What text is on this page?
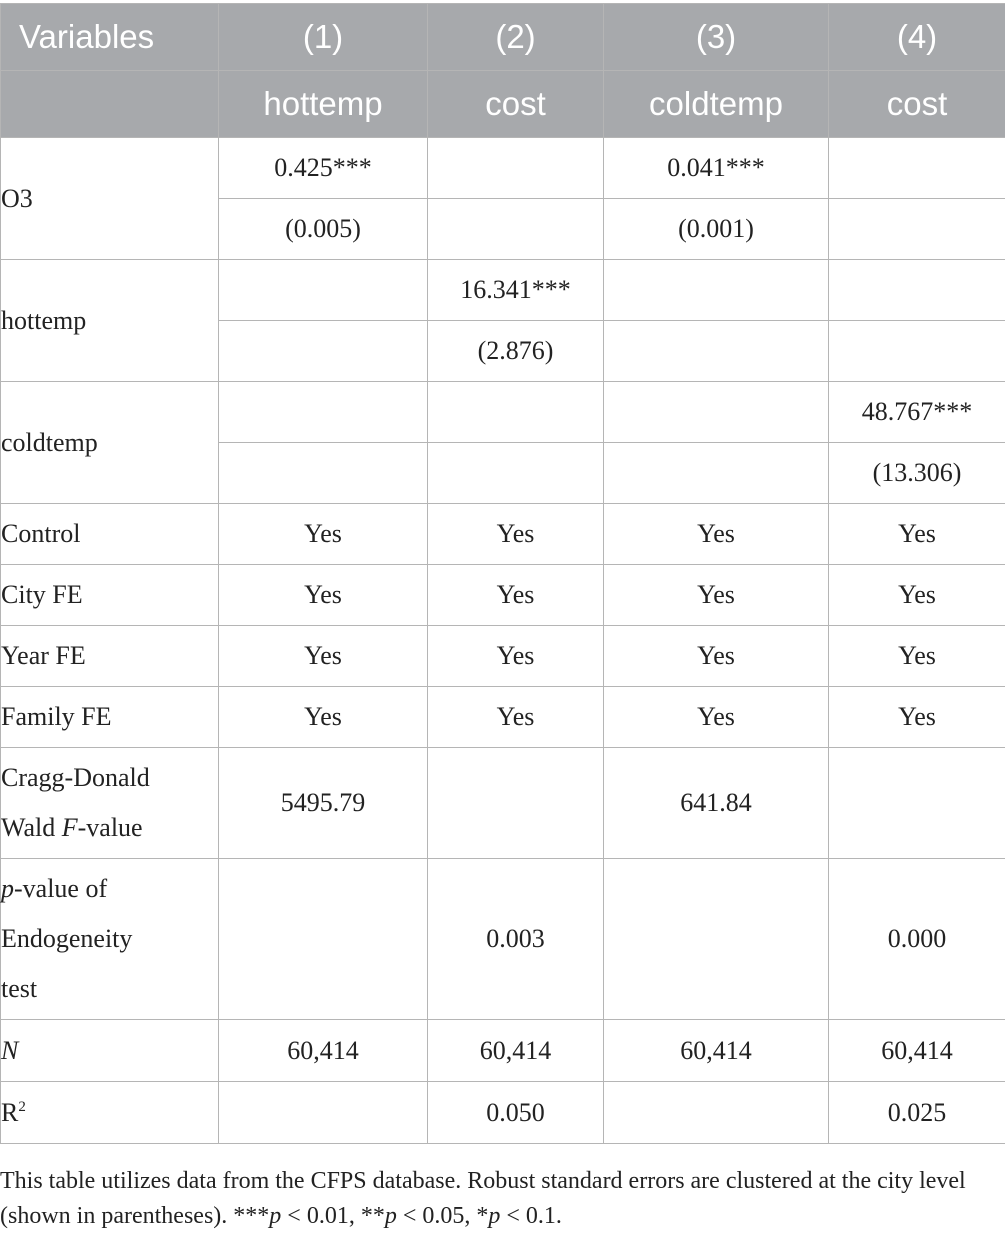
Variables	(1)	(2)	(3)	(4)
	hottemp	cost	coldtemp	cost
O3	0.425***		0.041***	
	(0.005)		(0.001)	
hottemp		16.341***		
		(2.876)		
coldtemp				48.767***
				(13.306)
Control	Yes	Yes	Yes	Yes
City FE	Yes	Yes	Yes	Yes
Year FE	Yes	Yes	Yes	Yes
Family FE	Yes	Yes	Yes	Yes
Cragg-Donald
Wald F-value	5495.79		641.84	
p-value of
Endogeneity
test		0.003		0.000
N	60,414	60,414	60,414	60,414
$R^2$		0.050		0.025
This table utilizes data from the CFPS database. Robust standard errors are clustered at the city level (shown in parentheses). ***p < 0.01, **p < 0.05, *p < 0.1.
